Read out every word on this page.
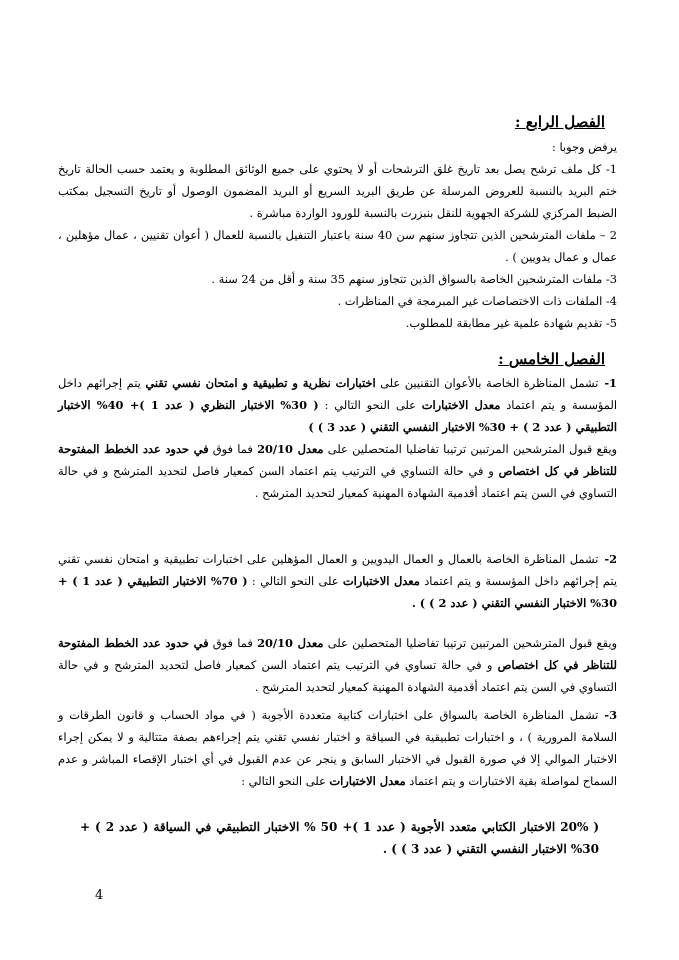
الفصل الرابع :

يرفض وجوبا :

1- كل ملف ترشح يصل بعد تاريخ غلق الترشحات أو لا يحتوي على جميع الوثائق المطلوبة و يعتمد حسب الحالة تاريخ ختم البريد بالنسبة للعروض المرسلة عن طريق البريد السريع أو البريد المضمون الوصول أو تاريخ التسجيل بمكتب الضبط المركزي للشركة الجهوية للنقل بنبزرت بالنسبة للورود الواردة مباشرة .

2 – ملفات المترشحين الذين تتجاوز سنهم سن 40 سنة باعتبار التنفيل بالنسبة للعمال ( أعوان تقنيين ، عمال مؤهلين ، عمال و عمال يدويين ) .

3- ملفات المترشحين الخاصة بالسواق الذين تتجاوز سنهم 35 سنة و أقل من 24 سنة .

4- الملفات ذات الاختصاصات غير المبرمجة في المناظرات .

5- تقديم شهادة علمية غير مطابقة للمطلوب.

الفصل الخامس :

1-تشمل المناظرة الخاصة بالأعوان التقنيين على اختبارات نظرية و تطبيقية و امتحان نفسي تقني يتم إجرائهم داخل المؤسسة و يتم اعتماد معدل الاختبارات على النحو التالي : ( 30% الاختبار النظري ( عدد 1 )+ 40% الاختبار التطبيقي ( عدد 2 ) + 30% الاختبار النفسي التقني ( عدد 3 ) )

ويقع قبول المترشحين المرتبين ترتيبا تفاضليا المتحصلين على معدل 20/10 فما فوق في حدود عدد الخطط المفتوحة للتناظر في كل اختصاص و في حالة التساوي في الترتيب يتم اعتماد السن كمعيار فاصل لتحديد المترشح و في حالة التساوي في السن يتم اعتماد أقدمية الشهادة المهنية كمعيار لتحديد المترشح .

2-تشمل المناظرة الخاصة بالعمال و العمال اليدويين و العمال المؤهلين على اختبارات تطبيقية و امتحان نفسي تقني يتم إجرائهم داخل المؤسسة و يتم اعتماد معدل الاختبارات على النحو التالي : ( 70% الاختبار التطبيقي ( عدد 1 ) + 30% الاختبار النفسي التقني ( عدد 2 ) ) .

ويقع قبول المترشحين المرتبين ترتيبا تفاضليا المتحصلين على معدل 20/10 فما فوق في حدود عدد الخطط المفتوحة للتناظر في كل اختصاص و في حالة تساوي في الترتيب يتم اعتماد السن كمعيار فاصل لتحديد المترشح و في حالة التساوي في السن يتم اعتماد أقدمية الشهادة المهنية كمعيار لتحديد المترشح .

3-تشمل المناظرة الخاصة بالسواق على اختبارات كتابية متعددة الأجوبة ( في مواد الحساب و قانون الطرقات و السلامة المرورية ) ، و اختبارات تطبيقية في السياقة و اختبار نفسي تقني يتم إجراءهم بصفة متتالية و لا يمكن إجراء الاختبار الموالي إلا في صورة القبول في الاختبار السابق و ينجر عن عدم القبول في أي اختبار الإقصاء المباشر و عدم السماح لمواصلة بقية الاختبارات و يتم اعتماد معدل الاختبارات على النحو التالي :

( 20% الاختبار الكتابي متعدد الأجوبة ( عدد 1 )+ 50 % الاختبار التطبيقي في السياقة ( عدد 2 ) + 30% الاختبار النفسي التقني ( عدد 3 ) ) .
4
